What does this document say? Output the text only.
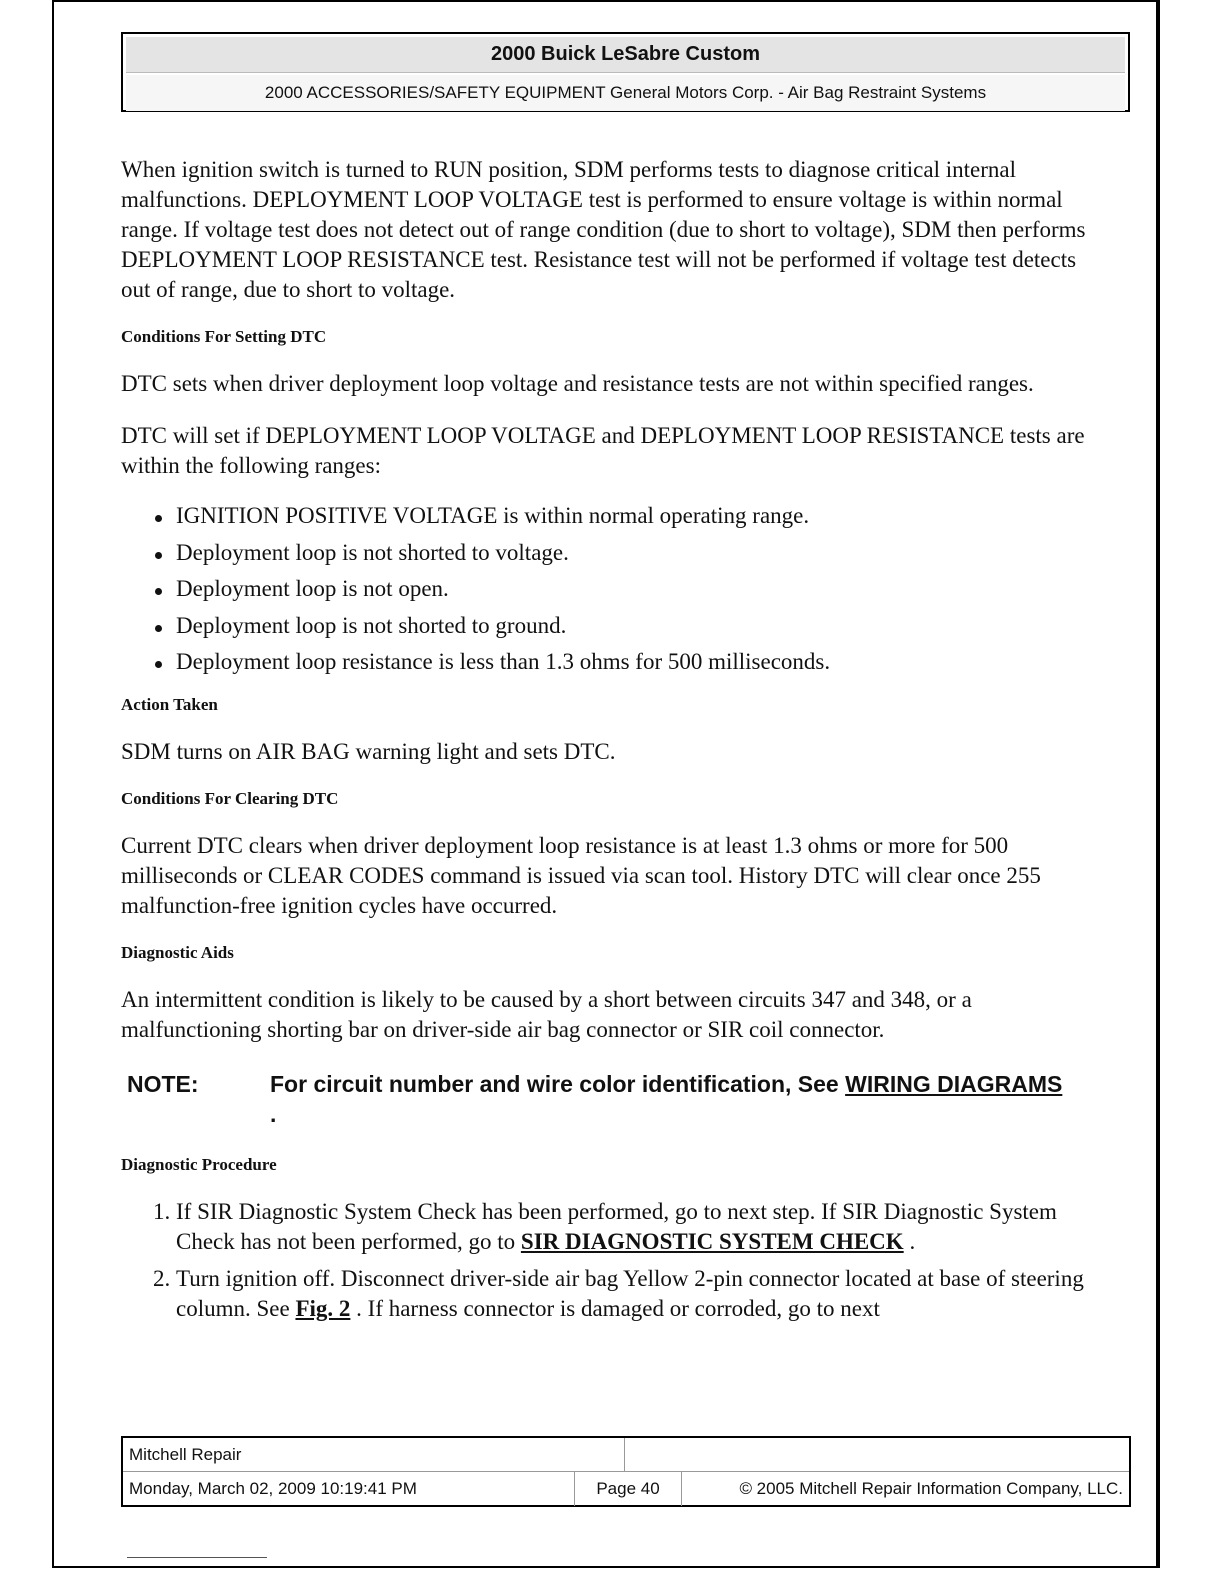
2000 Buick LeSabre Custom
2000 ACCESSORIES/SAFETY EQUIPMENT General Motors Corp. - Air Bag Restraint Systems

When ignition switch is turned to RUN position, SDM performs tests to diagnose critical internal malfunctions. DEPLOYMENT LOOP VOLTAGE test is performed to ensure voltage is within normal range. If voltage test does not detect out of range condition (due to short to voltage), SDM then performs DEPLOYMENT LOOP RESISTANCE test. Resistance test will not be performed if voltage test detects out of range, due to short to voltage.

Conditions For Setting DTC

DTC sets when driver deployment loop voltage and resistance tests are not within specified ranges.

DTC will set if DEPLOYMENT LOOP VOLTAGE and DEPLOYMENT LOOP RESISTANCE tests are within the following ranges:

IGNITION POSITIVE VOLTAGE is within normal operating range.
Deployment loop is not shorted to voltage.
Deployment loop is not open.
Deployment loop is not shorted to ground.
Deployment loop resistance is less than 1.3 ohms for 500 milliseconds.
Action Taken

SDM turns on AIR BAG warning light and sets DTC.

Conditions For Clearing DTC

Current DTC clears when driver deployment loop resistance is at least 1.3 ohms or more for 500 milliseconds or CLEAR CODES command is issued via scan tool. History DTC will clear once 255 malfunction-free ignition cycles have occurred.

Diagnostic Aids

An intermittent condition is likely to be caused by a short between circuits 347 and 348, or a malfunctioning shorting bar on driver-side air bag connector or SIR coil connector.

NOTE:	For circuit number and wire color identification, See WIRING DIAGRAMS .
Diagnostic Procedure
1. If SIR Diagnostic System Check has been performed, go to next step. If SIR Diagnostic System Check has not been performed, go to SIR DIAGNOSTIC SYSTEM CHECK .
2. Turn ignition off. Disconnect driver-side air bag Yellow 2-pin connector located at base of steering column. See Fig. 2 . If harness connector is damaged or corroded, go to next
Mitchell Repair
Monday, March 02, 2009 10:19:41 PM	Page 40	© 2005 Mitchell Repair Information Company, LLC.
